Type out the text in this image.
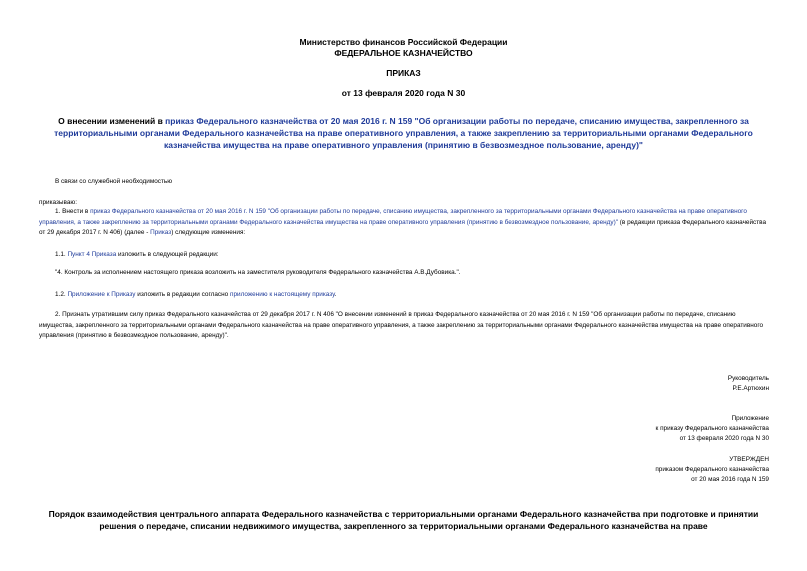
Министерство финансов Российской Федерации
ФЕДЕРАЛЬНОЕ КАЗНАЧЕЙСТВО
ПРИКАЗ
от 13 февраля 2020 года N 30
О внесении изменений в приказ Федерального казначейства от 20 мая 2016 г. N 159 "Об организации работы по передаче, списанию имущества, закрепленного за территориальными органами Федерального казначейства на праве оперативного управления, а также закреплению за территориальными органами Федерального казначейства имущества на праве оперативного управления (принятию в безвозмездное пользование, аренду)"
В связи со служебной необходимостью
приказываю:
1. Внести в приказ Федерального казначейства от 20 мая 2016 г. N 159 "Об организации работы по передаче, списанию имущества, закрепленного за территориальными органами Федерального казначейства на праве оперативного управления, а также закреплению за территориальными органами Федерального казначейства имущества на праве оперативного управления (принятию в безвозмездное пользование, аренду)" (в редакции приказа Федерального казначейства от 29 декабря 2017 г. N 406) (далее - Приказ) следующие изменения:
1.1. Пункт 4 Приказа изложить в следующей редакции:
"4. Контроль за исполнением настоящего приказа возложить на заместителя руководителя Федерального казначейства А.В.Дубовика.".
1.2. Приложение к Приказу изложить в редакции согласно приложению к настоящему приказу.
2. Признать утратившим силу приказ Федерального казначейства от 29 декабря 2017 г. N 406 "О внесении изменений в приказ Федерального казначейства от 20 мая 2016 г. N 159 "Об организации работы по передаче, списанию имущества, закрепленного за территориальными органами Федерального казначейства на праве оперативного управления, а также закреплению за территориальными органами Федерального казначейства имущества на праве оперативного управления (принятию в безвозмездное пользование, аренду)".
Руководитель
Р.Е.Артюхин
Приложение
к приказу Федерального казначейства
от 13 февраля 2020 года N 30
УТВЕРЖДЕН
приказом Федерального казначейства
от 20 мая 2016 года N 159
Порядок взаимодействия центрального аппарата Федерального казначейства с территориальными органами Федерального казначейства при подготовке и принятии решения о передаче, списании недвижимого имущества, закрепленного за территориальными органами Федерального казначейства на праве
